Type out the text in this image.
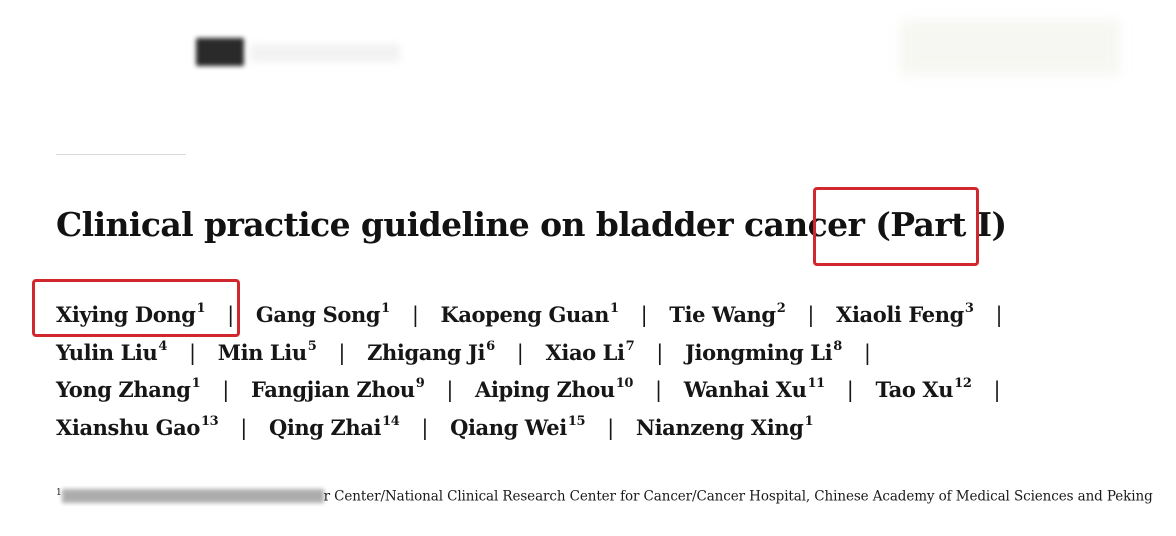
Clinical practice guideline on bladder cancer (Part I)
Xiying Dong$^1$ | Gang Song$^1$ | Kaopeng Guan$^1$ | Tie Wang$^2$ | Xiaoli Feng$^3$ |
Yulin Liu$^4$ | Min Liu$^5$ | Zhigang Ji$^6$ | Xiao Li$^7$ | Jiongming Li$^8$ |
Yong Zhang$^1$ | Fangjian Zhou$^9$ | Aiping Zhou$^{10}$ | Wanhai Xu$^{11}$ | Tao Xu$^{12}$ |
Xianshu Gao$^{13}$ | Qing Zhai$^{14}$ | Qiang Wei$^{15}$ | Nianzeng Xing$^1$
$^1$	r Center/National Clinical Research Center for Cancer/Cancer Hospital, Chinese Academy of Medical Sciences and Peking
